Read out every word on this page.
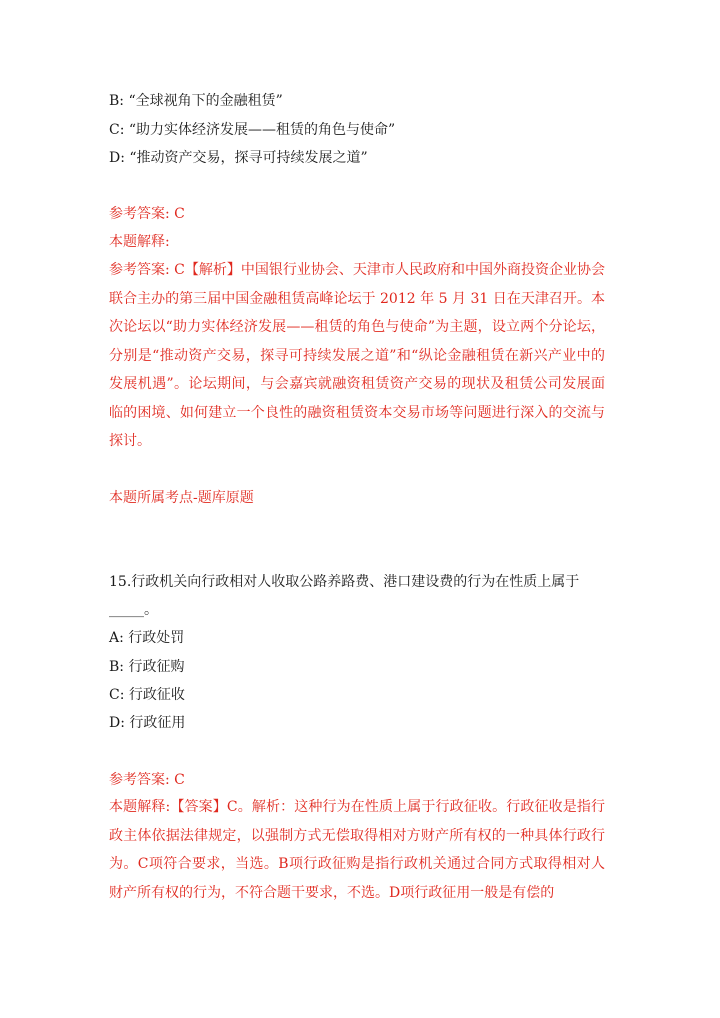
B: “全球视角下的金融租赁”
C: “助力实体经济发展——租赁的角色与使命”
D: “推动资产交易，探寻可持续发展之道”
参考答案: C
本题解释:
参考答案: C【解析】中国银行业协会、天津市人民政府和中国外商投资企业协会联合主办的第三届中国金融租赁高峰论坛于 2012 年 5 月 31 日在天津召开。本次论坛以“助力实体经济发展——租赁的角色与使命”为主题，设立两个分论坛，分别是“推动资产交易，探寻可持续发展之道”和“纵论金融租赁在新兴产业中的发展机遇”。论坛期间，与会嘉宾就融资租赁资产交易的现状及租赁公司发展面临的困境、如何建立一个良性的融资租赁资本交易市场等问题进行深入的交流与探讨。
本题所属考点-题库原题
15.行政机关向行政相对人收取公路养路费、港口建设费的行为在性质上属于
_____。
A: 行政处罚
B: 行政征购
C: 行政征收
D: 行政征用
参考答案: C
本题解释:【答案】C。解析：这种行为在性质上属于行政征收。行政征收是指行政主体依据法律规定，以强制方式无偿取得相对方财产所有权的一种具体行政行为。C项符合要求，当选。B项行政征购是指行政机关通过合同方式取得相对人财产所有权的行为，不符合题干要求，不选。D项行政征用一般是有偿的
